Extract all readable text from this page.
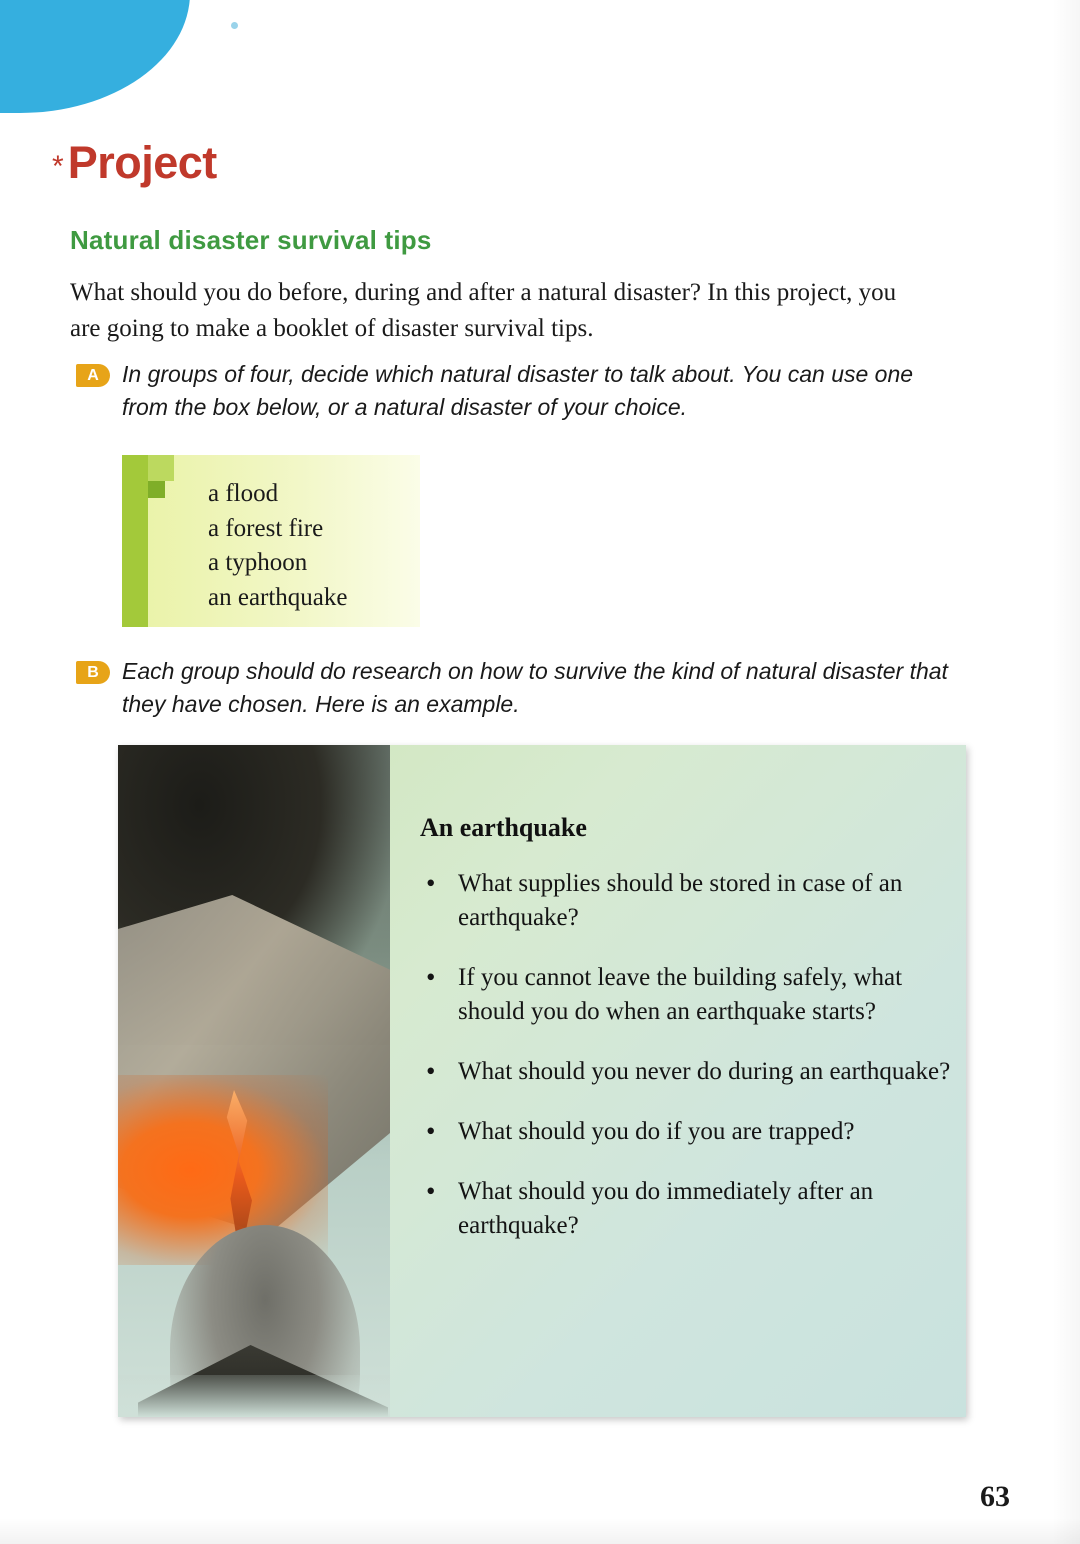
* Project
Natural disaster survival tips
What should you do before, during and after a natural disaster? In this project, you are going to make a booklet of disaster survival tips.
A	In groups of four, decide which natural disaster to talk about. You can use one from the box below, or a natural disaster of your choice.
a flood
a forest fire
a typhoon
an earthquake
B	Each group should do research on how to survive the kind of natural disaster that they have chosen. Here is an example.
An earthquake
• What supplies should be stored in case of an earthquake?
• If you cannot leave the building safely, what should you do when an earthquake starts?
• What should you never do during an earthquake?
• What should you do if you are trapped?
• What should you do immediately after an earthquake?
63
